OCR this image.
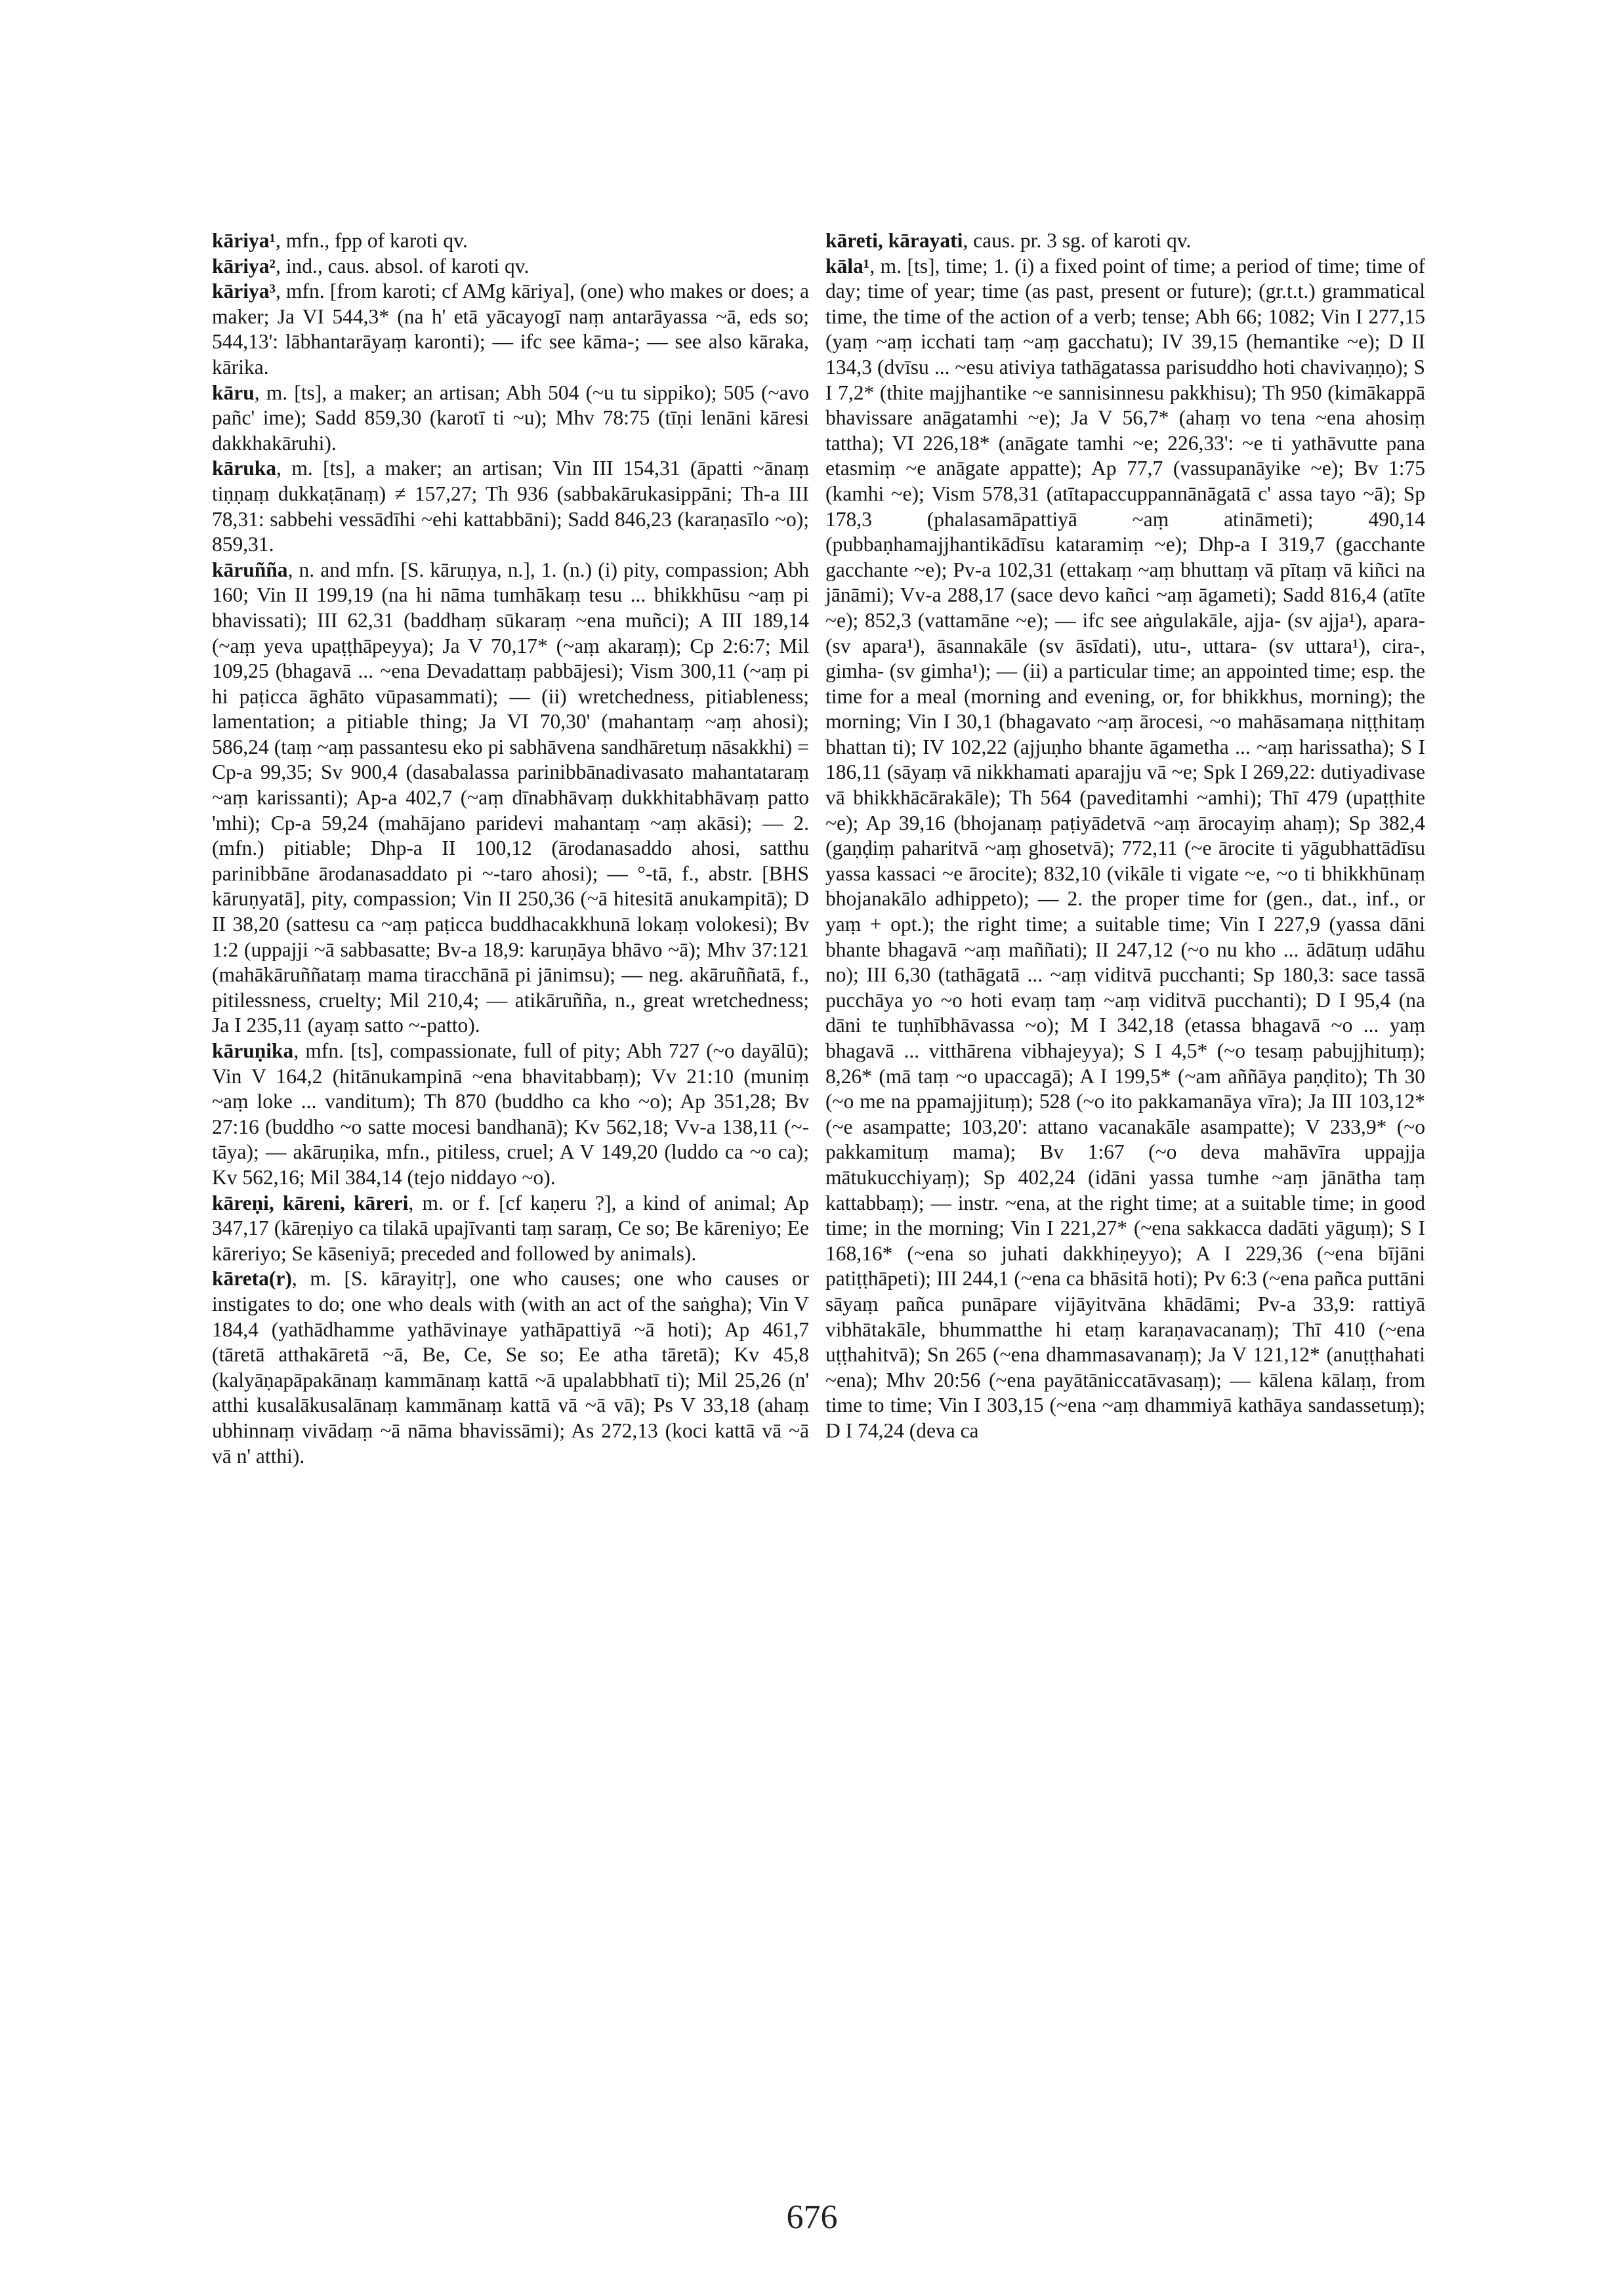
kāriya¹, mfn., fpp of karoti qv.

kāriya², ind., caus. absol. of karoti qv.

kāriya³, mfn. [from karoti; cf AMg kāriya], (one) who makes or does; a maker; Ja VI 544,3* (na h' etā yācayogī naṃ antarāyassa ~ā, eds so; 544,13': lābhantarāyaṃ karonti); — ifc see kāma-; — see also kāraka, kārika.

kāru, m. [ts], a maker; an artisan; Abh 504 (~u tu sippiko); 505 (~avo pañc' ime); Sadd 859,30 (karotī ti ~u); Mhv 78:75 (tīṇi lenāni kāresi dakkhakāruhi).

kāruka, m. [ts], a maker; an artisan; Vin III 154,31 (āpatti ~ānaṃ tiṇṇaṃ dukkaṭānaṃ) ≠ 157,27; Th 936 (sabbakārukasippāni; Th-a III 78,31: sabbehi vessādīhi ~ehi kattabbāni); Sadd 846,23 (karaṇasīlo ~o); 859,31.

kāruñña, n. and mfn. [S. kāruṇya, n.], 1. (n.) (i) pity, compassion; Abh 160; Vin II 199,19 (na hi nāma tumhākaṃ tesu ... bhikkhūsu ~aṃ pi bhavissati); III 62,31 (baddhaṃ sūkaraṃ ~ena muñci); A III 189,14 (~aṃ yeva upaṭṭhāpeyya); Ja V 70,17* (~aṃ akaraṃ); Cp 2:6:7; Mil 109,25 (bhagavā ... ~ena Devadattaṃ pabbājesi); Vism 300,11 (~aṃ pi hi paṭicca āghāto vūpasammati); — (ii) wretchedness, pitiableness; lamentation; a pitiable thing; Ja VI 70,30' (mahantaṃ ~aṃ ahosi); 586,24 (taṃ ~aṃ passantesu eko pi sabhāvena sandhāretuṃ nāsakkhi) = Cp-a 99,35; Sv 900,4 (dasabalassa parinibbānadivasato mahantataraṃ ~aṃ karissanti); Ap-a 402,7 (~aṃ dīnabhāvaṃ dukkhitabhāvaṃ patto 'mhi); Cp-a 59,24 (mahājano paridevi mahantaṃ ~aṃ akāsi); — 2. (mfn.) pitiable; Dhp-a II 100,12 (ārodanasaddo ahosi, satthu parinibbāne ārodanasaddato pi ~-taro ahosi); — °-tā, f., abstr. [BHS kāruṇyatā], pity, compassion; Vin II 250,36 (~ā hitesitā anukampitā); D II 38,20 (sattesu ca ~aṃ paṭicca buddhacakkhunā lokaṃ volokesi); Bv 1:2 (uppajji ~ā sabbasatte; Bv-a 18,9: karuṇāya bhāvo ~ā); Mhv 37:121 (mahākāruññataṃ mama tiracchānā pi jānimsu); — neg. akāruññatā, f., pitilessness, cruelty; Mil 210,4; — atikāruñña, n., great wretchedness; Ja I 235,11 (ayaṃ satto ~-patto).

kāruṇika, mfn. [ts], compassionate, full of pity; Abh 727 (~o dayālū); Vin V 164,2 (hitānukampinā ~ena bhavitabbaṃ); Vv 21:10 (muniṃ ~aṃ loke ... vanditum); Th 870 (buddho ca kho ~o); Ap 351,28; Bv 27:16 (buddho ~o satte mocesi bandhanā); Kv 562,18; Vv-a 138,11 (~-tāya); — akāruṇika, mfn., pitiless, cruel; A V 149,20 (luddo ca ~o ca); Kv 562,16; Mil 384,14 (tejo niddayo ~o).

kāreṇi, kāreni, kāreri, m. or f. [cf kaṇeru ?], a kind of animal; Ap 347,17 (kāreṇiyo ca tilakā upajīvanti taṃ saraṃ, Ce so; Be kāreniyo; Ee kāreriyo; Se kāseniyā; preceded and followed by animals).

kāreta(r), m. [S. kārayitṛ], one who causes; one who causes or instigates to do; one who deals with (with an act of the saṅgha); Vin V 184,4 (yathādhamme yathāvinaye yathāpattiyā ~ā hoti); Ap 461,7 (tāretā atthakāretā ~ā, Be, Ce, Se so; Ee atha tāretā); Kv 45,8 (kalyāṇapāpakānaṃ kammānaṃ kattā ~ā upalabbhatī ti); Mil 25,26 (n' atthi kusalākusalānaṃ kammānaṃ kattā vā ~ā vā); Ps V 33,18 (ahaṃ ubhinnaṃ vivādaṃ ~ā nāma bhavissāmi); As 272,13 (koci kattā vā ~ā vā n' atthi).

kāreti, kārayati, caus. pr. 3 sg. of karoti qv.

kāla¹, m. [ts], time; 1. (i) a fixed point of time; a period of time; time of day; time of year; time (as past, present or future); (gr.t.t.) grammatical time, the time of the action of a verb; tense; Abh 66; 1082; Vin I 277,15 (yaṃ ~aṃ icchati taṃ ~aṃ gacchatu); IV 39,15 (hemantike ~e); D II 134,3 (dvīsu ... ~esu ativiya tathāgatassa parisuddho hoti chavivaṇṇo); S I 7,2* (thite majjhantike ~e sannisinnesu pakkhisu); Th 950 (kimākappā bhavissare anāgatamhi ~e); Ja V 56,7* (ahaṃ vo tena ~ena ahosiṃ tattha); VI 226,18* (anāgate tamhi ~e; 226,33': ~e ti yathāvutte pana etasmiṃ ~e anāgate appatte); Ap 77,7 (vassupanāyike ~e); Bv 1:75 (kamhi ~e); Vism 578,31 (atītapaccuppannānāgatā c' assa tayo ~ā); Sp 178,3 (phalasamāpattiyā ~aṃ atināmeti); 490,14 (pubbaṇhamajjhantikādīsu kataramiṃ ~e); Dhp-a I 319,7 (gacchante gacchante ~e); Pv-a 102,31 (ettakaṃ ~aṃ bhuttaṃ vā pītaṃ vā kiñci na jānāmi); Vv-a 288,17 (sace devo kañci ~aṃ āgameti); Sadd 816,4 (atīte ~e); 852,3 (vattamāne ~e); — ifc see aṅgulakāle, ajja- (sv ajja¹), apara- (sv apara¹), āsannakāle (sv āsīdati), utu-, uttara- (sv uttara¹), cira-, gimha- (sv gimha¹); — (ii) a particular time; an appointed time; esp. the time for a meal (morning and evening, or, for bhikkhus, morning); the morning; Vin I 30,1 (bhagavato ~aṃ ārocesi, ~o mahāsamaṇa niṭṭhitaṃ bhattan ti); IV 102,22 (ajjuṇho bhante āgametha ... ~aṃ harissatha); S I 186,11 (sāyaṃ vā nikkhamati aparajju vā ~e; Spk I 269,22: dutiyadivase vā bhikkhācārakāle); Th 564 (paveditamhi ~amhi); Thī 479 (upaṭṭhite ~e); Ap 39,16 (bhojanaṃ paṭiyādetvā ~aṃ ārocayiṃ ahaṃ); Sp 382,4 (gaṇḍiṃ paharitvā ~aṃ ghosetvā); 772,11 (~e ārocite ti yāgubhattādīsu yassa kassaci ~e ārocite); 832,10 (vikāle ti vigate ~e, ~o ti bhikkhūnaṃ bhojanakālo adhippeto); — 2. the proper time for (gen., dat., inf., or yaṃ + opt.); the right time; a suitable time; Vin I 227,9 (yassa dāni bhante bhagavā ~aṃ maññati); II 247,12 (~o nu kho ... ādātuṃ udāhu no); III 6,30 (tathāgatā ... ~aṃ viditvā pucchanti; Sp 180,3: sace tassā pucchāya yo ~o hoti evaṃ taṃ ~aṃ viditvā pucchanti); D I 95,4 (na dāni te tuṇhībhāvassa ~o); M I 342,18 (etassa bhagavā ~o ... yaṃ bhagavā ... vitthārena vibhajeyya); S I 4,5* (~o tesaṃ pabujjhituṃ); 8,26* (mā taṃ ~o upaccagā); A I 199,5* (~am aññāya paṇḍito); Th 30 (~o me na ppamajjituṃ); 528 (~o ito pakkamanāya vīra); Ja III 103,12* (~e asampatte; 103,20': attano vacanakāle asampatte); V 233,9* (~o pakkamituṃ mama); Bv 1:67 (~o deva mahāvīra uppajja mātukucchiyaṃ); Sp 402,24 (idāni yassa tumhe ~aṃ jānātha taṃ kattabbaṃ); — instr. ~ena, at the right time; at a suitable time; in good time; in the morning; Vin I 221,27* (~ena sakkacca dadāti yāguṃ); S I 168,16* (~ena so juhati dakkhiṇeyyo); A I 229,36 (~ena bījāni patiṭṭhāpeti); III 244,1 (~ena ca bhāsitā hoti); Pv 6:3 (~ena pañca puttāni sāyaṃ pañca punāpare vijāyitvāna khādāmi; Pv-a 33,9: rattiyā vibhātakāle, bhummatthe hi etaṃ karaṇavacanaṃ); Thī 410 (~ena uṭṭhahitvā); Sn 265 (~ena dhammasavanaṃ); Ja V 121,12* (anuṭṭhahati ~ena); Mhv 20:56 (~ena payātāniccatāvasaṃ); — kālena kālaṃ, from time to time; Vin I 303,15 (~ena ~aṃ dhammiyā kathāya sandassetuṃ); D I 74,24 (deva ca

676
